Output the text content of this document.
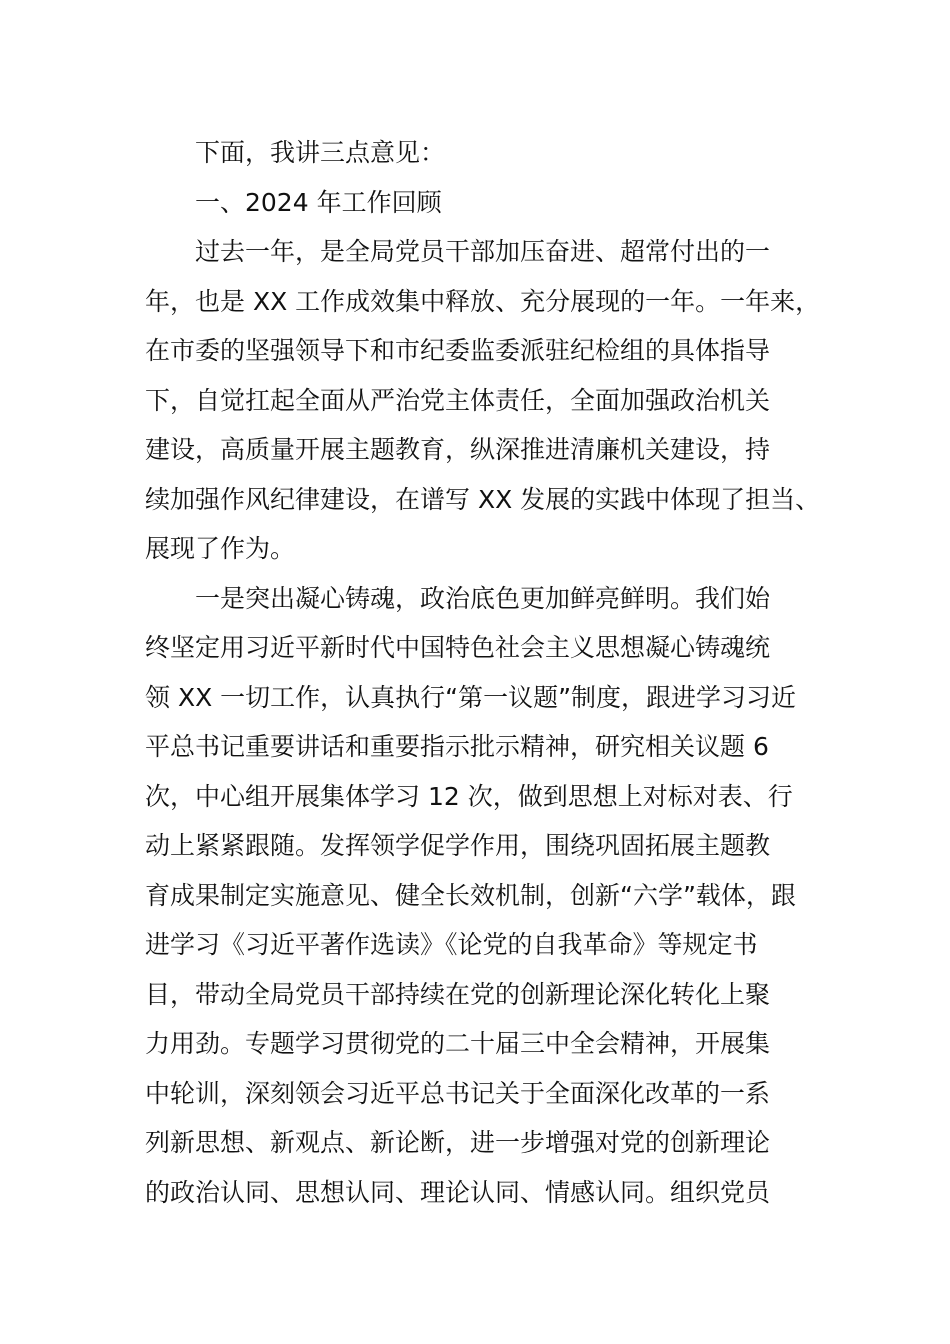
下面，我讲三点意见：
一、2024 年工作回顾
过去一年，是全局党员干部加压奋进、超常付出的一
年，也是 XX 工作成效集中释放、充分展现的一年。一年来，
在市委的坚强领导下和市纪委监委派驻纪检组的具体指导
下，自觉扛起全面从严治党主体责任，全面加强政治机关
建设，高质量开展主题教育，纵深推进清廉机关建设，持
续加强作风纪律建设，在谱写 XX 发展的实践中体现了担当、
展现了作为。
一是突出凝心铸魂，政治底色更加鲜亮鲜明。我们始
终坚定用习近平新时代中国特色社会主义思想凝心铸魂统
领 XX 一切工作，认真执行“第一议题”制度，跟进学习习近
平总书记重要讲话和重要指示批示精神，研究相关议题 6
次，中心组开展集体学习 12 次，做到思想上对标对表、行
动上紧紧跟随。发挥领学促学作用，围绕巩固拓展主题教
育成果制定实施意见、健全长效机制，创新“六学”载体，跟
进学习《习近平著作选读》《论党的自我革命》等规定书
目，带动全局党员干部持续在党的创新理论深化转化上聚
力用劲。专题学习贯彻党的二十届三中全会精神，开展集
中轮训，深刻领会习近平总书记关于全面深化改革的一系
列新思想、新观点、新论断，进一步增强对党的创新理论
的政治认同、思想认同、理论认同、情感认同。组织党员
